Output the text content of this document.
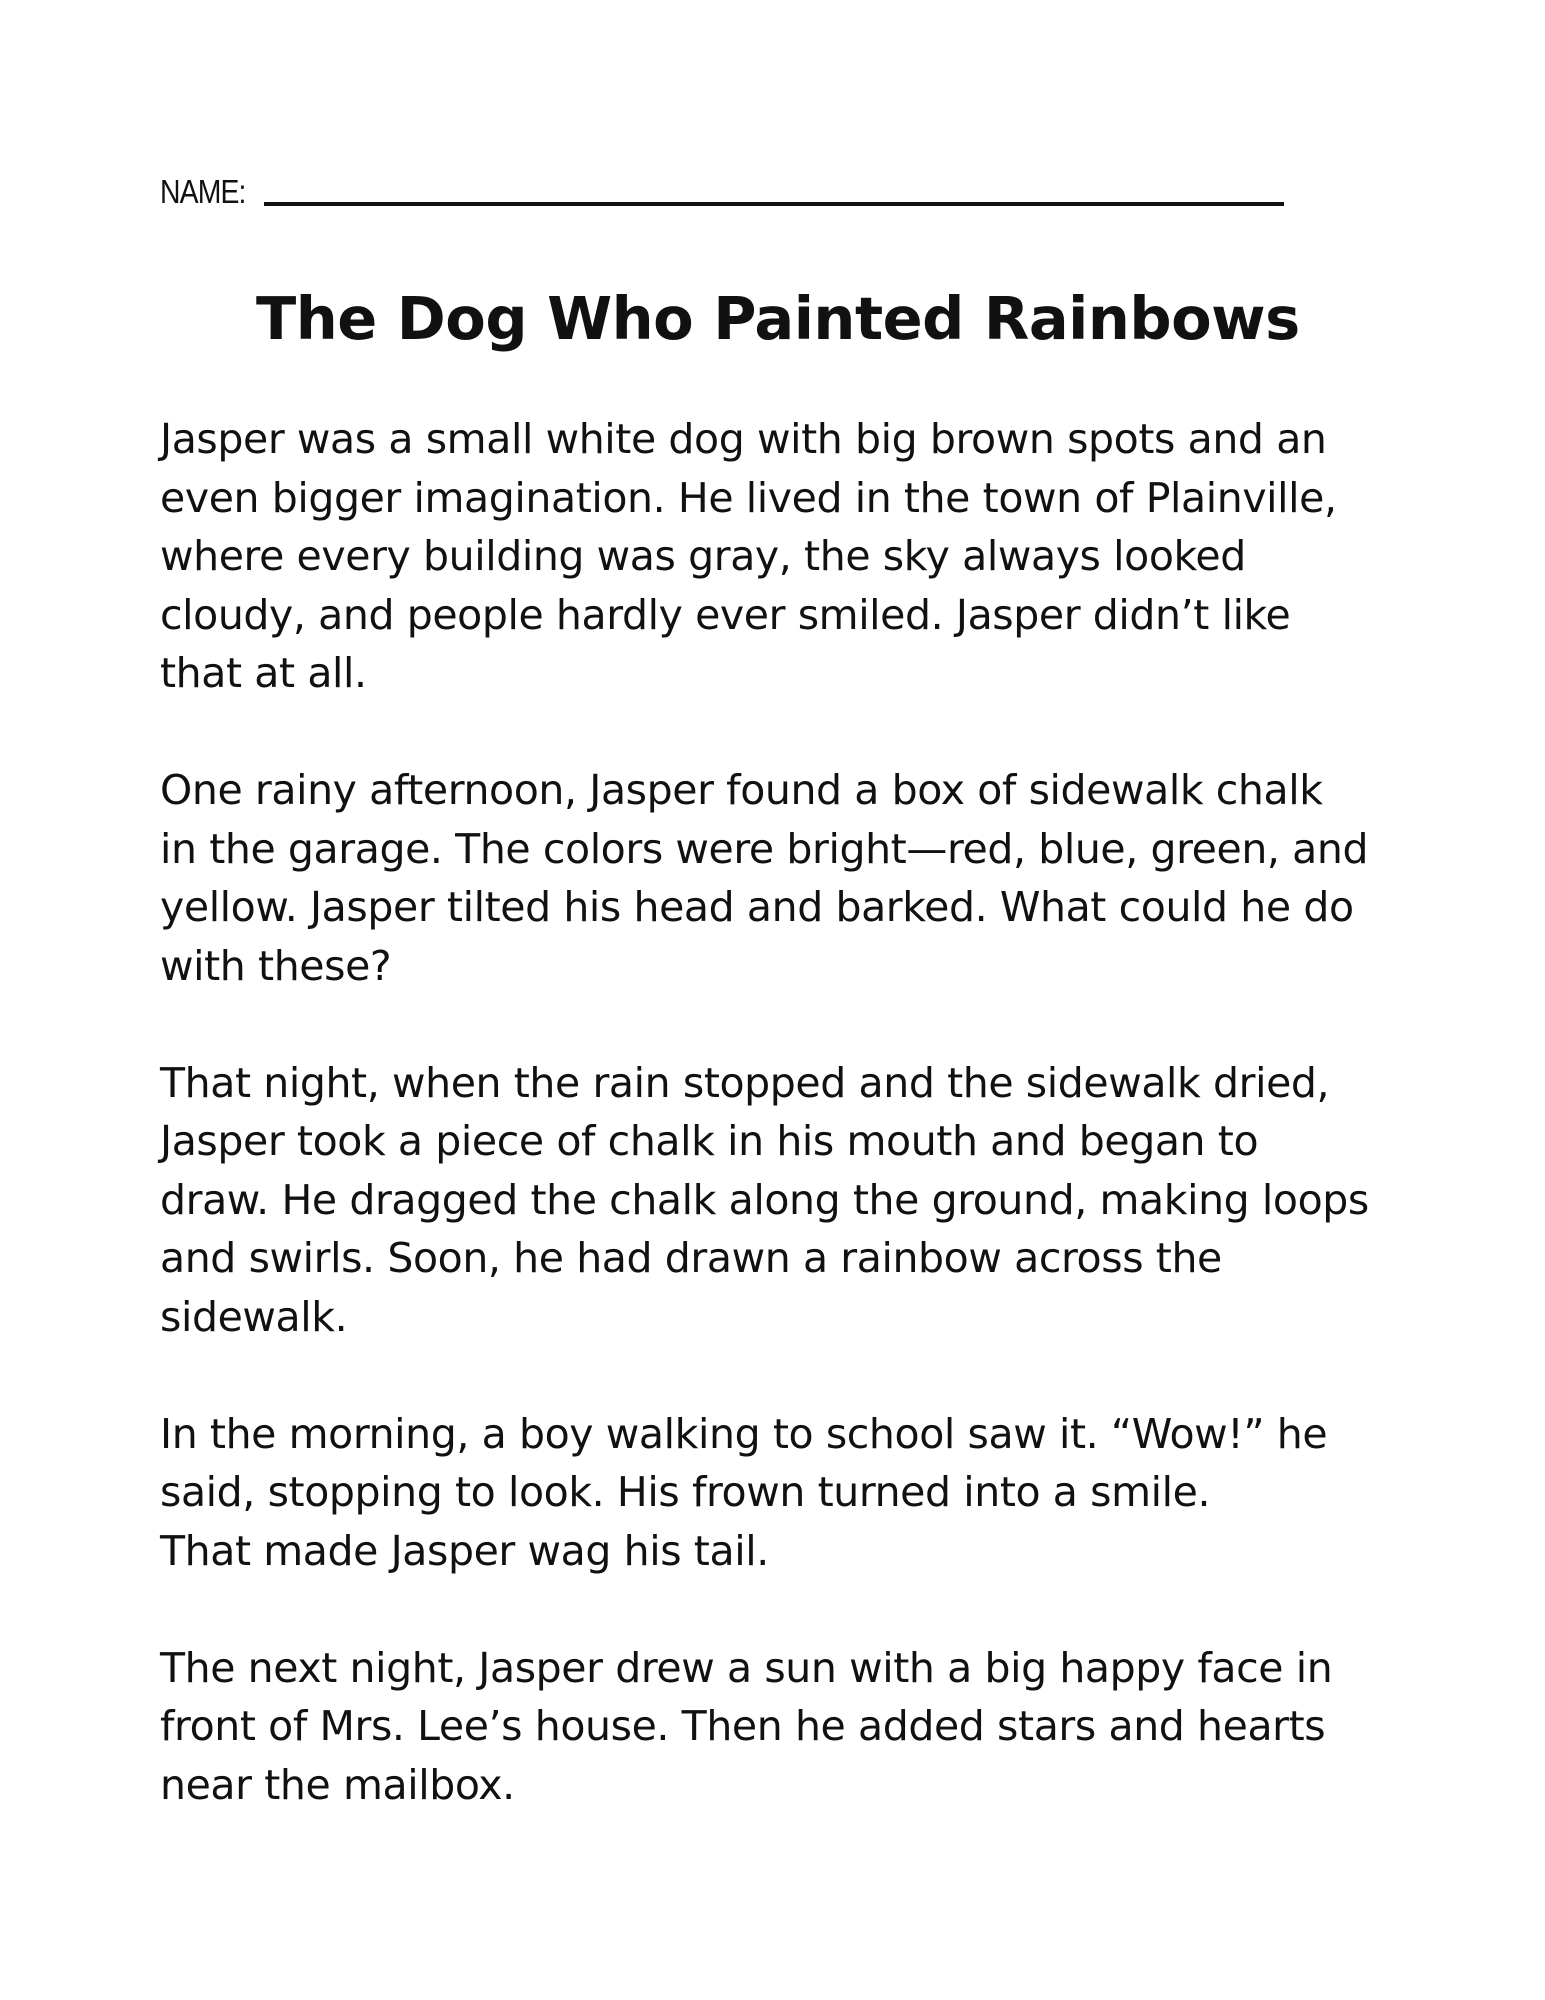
NAME:
The Dog Who Painted Rainbows

Jasper was a small white dog with big brown spots and an
even bigger imagination. He lived in the town of Plainville,
where every building was gray, the sky always looked
cloudy, and people hardly ever smiled. Jasper didn’t like
that at all.

One rainy afternoon, Jasper found a box of sidewalk chalk
in the garage. The colors were bright—red, blue, green, and
yellow. Jasper tilted his head and barked. What could he do
with these?

That night, when the rain stopped and the sidewalk dried,
Jasper took a piece of chalk in his mouth and began to
draw. He dragged the chalk along the ground, making loops
and swirls. Soon, he had drawn a rainbow across the
sidewalk.

In the morning, a boy walking to school saw it. “Wow!” he
said, stopping to look. His frown turned into a smile.
That made Jasper wag his tail.

The next night, Jasper drew a sun with a big happy face in
front of Mrs. Lee’s house. Then he added stars and hearts
near the mailbox.
